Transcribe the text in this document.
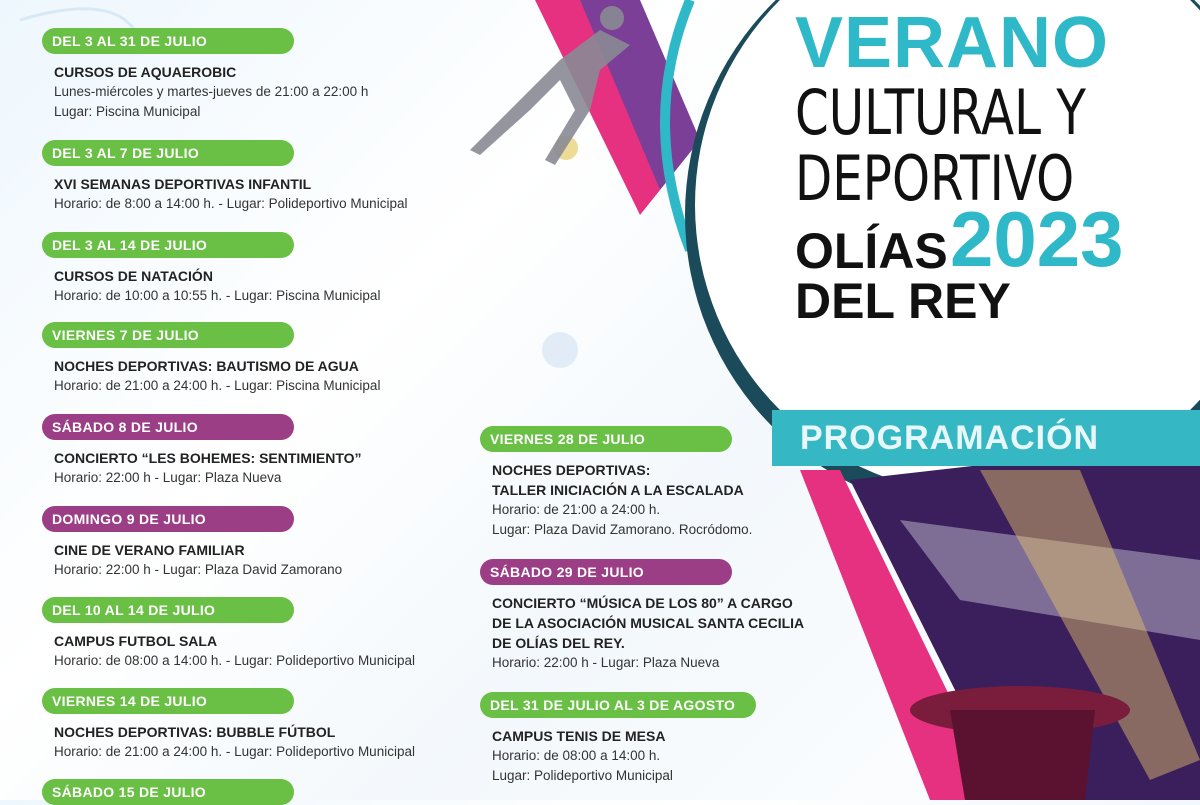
VERANO
CULTURAL Y
DEPORTIVO
OLÍAS 2023
DEL REY
PROGRAMACIÓN
DEL 3 AL 31 DE JULIO
CURSOS DE AQUAEROBIC
Lunes-miércoles y martes-jueves de 21:00 a 22:00 h
Lugar: Piscina Municipal
DEL 3 AL 7 DE JULIO
XVI SEMANAS DEPORTIVAS INFANTIL
Horario: de 8:00 a 14:00 h. - Lugar: Polideportivo Municipal
DEL 3 AL 14 DE JULIO
CURSOS DE NATACIÓN
Horario: de 10:00 a 10:55 h. - Lugar: Piscina Municipal
VIERNES 7 DE JULIO
NOCHES DEPORTIVAS: BAUTISMO DE AGUA
Horario: de 21:00 a 24:00 h. - Lugar: Piscina Municipal
SÁBADO 8 DE JULIO
CONCIERTO “LES BOHEMES: SENTIMIENTO”
Horario: 22:00 h - Lugar: Plaza Nueva
DOMINGO 9 DE JULIO
CINE DE VERANO FAMILIAR
Horario: 22:00 h - Lugar: Plaza David Zamorano
DEL 10 AL 14 DE JULIO
CAMPUS FUTBOL SALA
Horario: de 08:00 a 14:00 h. - Lugar: Polideportivo Municipal
VIERNES 14 DE JULIO
NOCHES DEPORTIVAS: BUBBLE FÚTBOL
Horario: de 21:00 a 24:00 h. - Lugar: Polideportivo Municipal
SÁBADO 15 DE JULIO
VIERNES 28 DE JULIO
NOCHES DEPORTIVAS:
TALLER INICIACIÓN A LA ESCALADA
Horario: de 21:00 a 24:00 h.
Lugar: Plaza David Zamorano. Rocródomo.
SÁBADO 29 DE JULIO
CONCIERTO “MÚSICA DE LOS 80” A CARGO
DE LA ASOCIACIÓN MUSICAL SANTA CECILIA
DE OLÍAS DEL REY.
Horario: 22:00 h - Lugar: Plaza Nueva
DEL 31 DE JULIO AL 3 DE AGOSTO
CAMPUS TENIS DE MESA
Horario: de 08:00 a 14:00 h.
Lugar: Polideportivo Municipal
